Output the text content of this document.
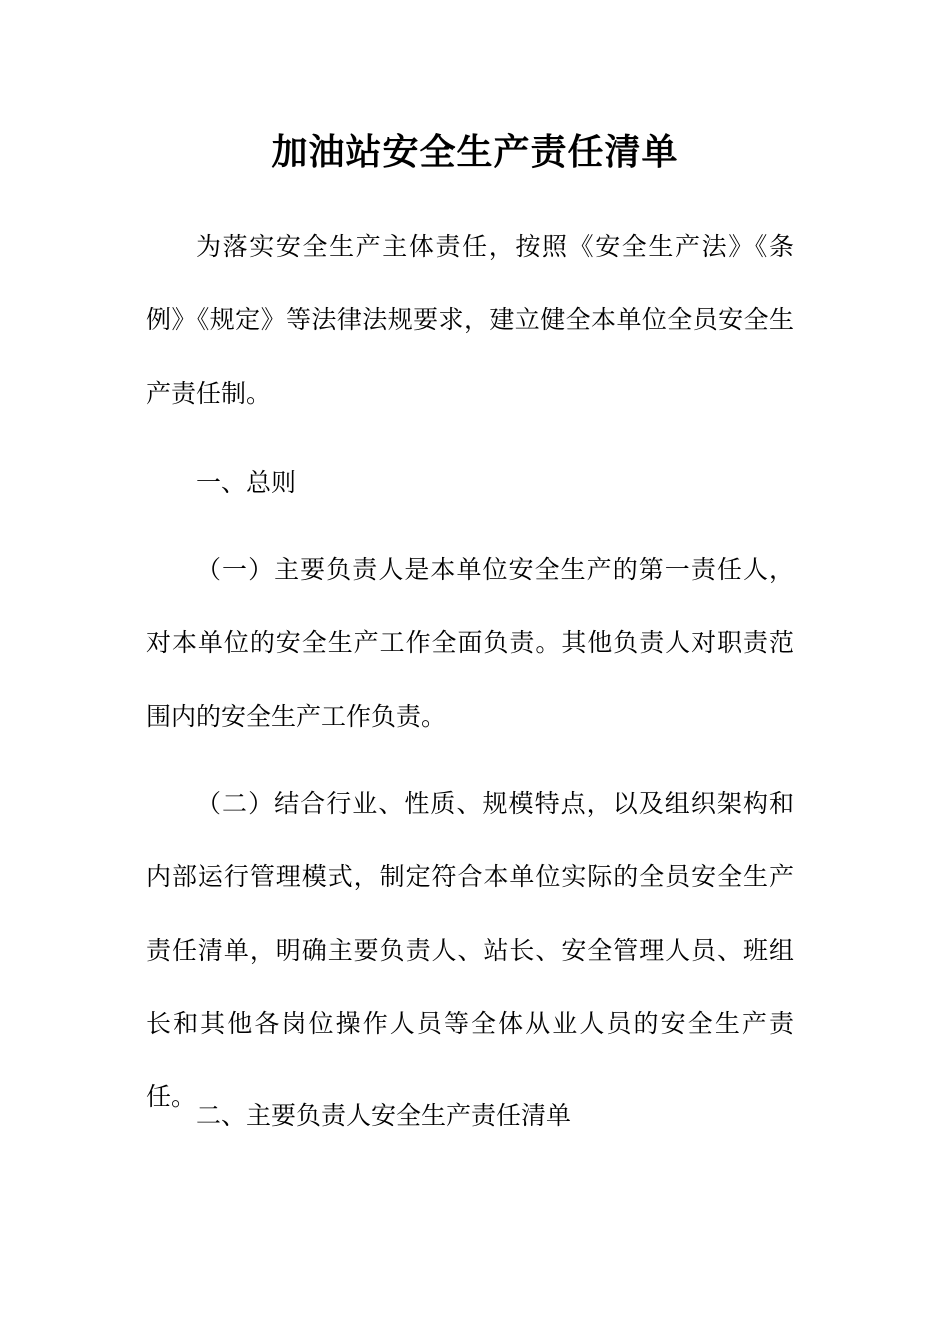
加油站安全生产责任清单

为落实安全生产主体责任，按照《安全生产法》《条例》《规定》等法律法规要求，建立健全本单位全员安全生产责任制。

一、总则

（一）主要负责人是本单位安全生产的第一责任人，对本单位的安全生产工作全面负责。其他负责人对职责范围内的安全生产工作负责。

（二）结合行业、性质、规模特点，以及组织架构和内部运行管理模式，制定符合本单位实际的全员安全生产责任清单，明确主要负责人、站长、安全管理人员、班组长和其他各岗位操作人员等全体从业人员的安全生产责任。

二、主要负责人安全生产责任清单
